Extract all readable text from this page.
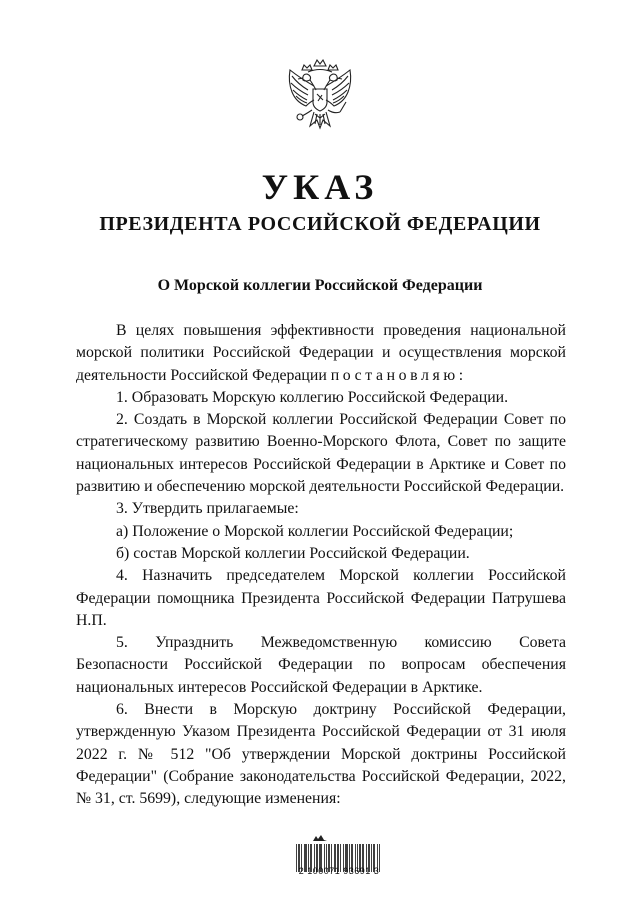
УКАЗ
ПРЕЗИДЕНТА РОССИЙСКОЙ ФЕДЕРАЦИИ
О Морской коллегии Российской Федерации

В целях повышения эффективности проведения национальной морской политики Российской Федерации и осуществления морской деятельности Российской Федерации постановляю:

1. Образовать Морскую коллегию Российской Федерации.

2. Создать в Морской коллегии Российской Федерации Совет по стратегическому развитию Военно-Морского Флота, Совет по защите национальных интересов Российской Федерации в Арктике и Совет по развитию и обеспечению морской деятельности Российской Федерации.

3. Утвердить прилагаемые:

а) Положение о Морской коллегии Российской Федерации;

б) состав Морской коллегии Российской Федерации.

4. Назначить председателем Морской коллегии Российской Федерации помощника Президента Российской Федерации Патрушева Н.П.

5. Упразднить Межведомственную комиссию Совета Безопасности Российской Федерации по вопросам обеспечения национальных интересов Российской Федерации в Арктике.

6. Внести в Морскую доктрину Российской Федерации, утвержденную Указом Президента Российской Федерации от 31 июля 2022 г. № 512 "Об утверждении Морской доктрины Российской Федерации" (Собрание законодательства Российской Федерации, 2022, № 31, ст. 5699), следующие изменения:

2 100071 93691 3
